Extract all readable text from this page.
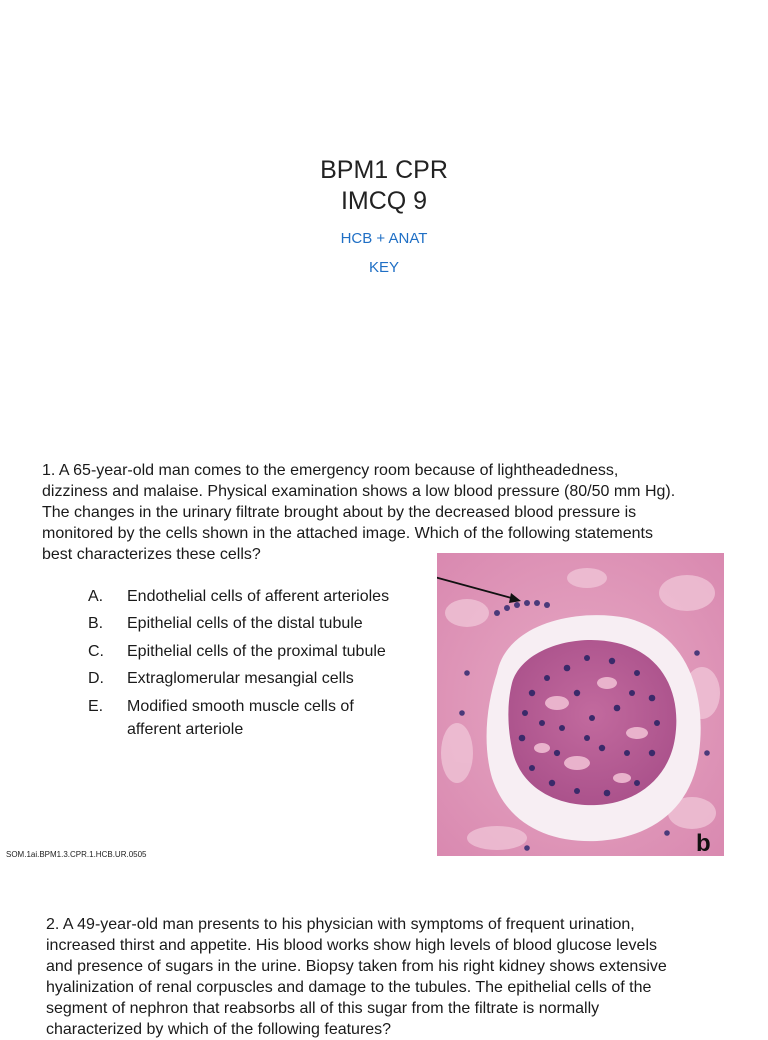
BPM1 CPR
IMCQ 9
HCB + ANAT
KEY
1. A 65-year-old man comes to the emergency room because of lightheadedness,
dizziness and malaise. Physical examination shows a low blood pressure (80/50 mm Hg).
The changes in the urinary filtrate brought about by the decreased blood pressure is
monitored by the cells shown in the attached image. Which of the following statements
best characterizes these cells?
A.	Endothelial cells of afferent arterioles
B.	Epithelial cells of the distal tubule
C.	Epithelial cells of the proximal tubule
D.	Extraglomerular mesangial cells
E.	Modified smooth muscle cells of
afferent arteriole
b
SOM.1ai.BPM1.3.CPR.1.HCB.UR.0505
2. A 49-year-old man presents to his physician with symptoms of frequent urination,
increased thirst and appetite. His blood works show high levels of blood glucose levels
and presence of sugars in the urine. Biopsy taken from his right kidney shows extensive
hyalinization of renal corpuscles and damage to the tubules. The epithelial cells of the
segment of nephron that reabsorbs all of this sugar from the filtrate is normally
characterized by which of the following features?
